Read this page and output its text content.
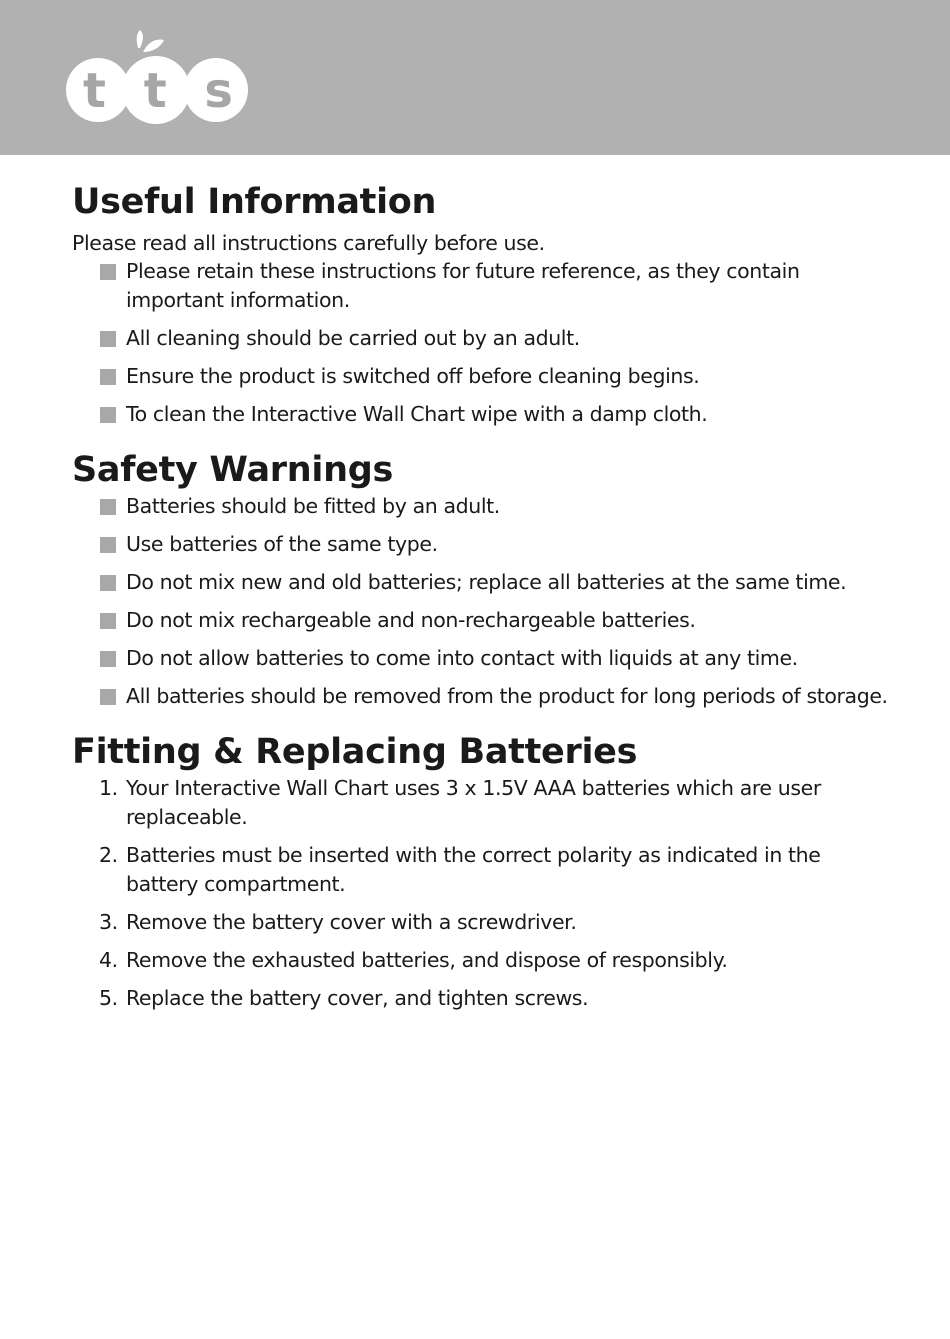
tts
Useful Information

Please read all instructions carefully before use.

Please retain these instructions for future reference, as they contain important information.
All cleaning should be carried out by an adult.
Ensure the product is switched off before cleaning begins.
To clean the Interactive Wall Chart wipe with a damp cloth.
Safety Warnings
Batteries should be fitted by an adult.
Use batteries of the same type.
Do not mix new and old batteries; replace all batteries at the same time.
Do not mix rechargeable and non-rechargeable batteries.
Do not allow batteries to come into contact with liquids at any time.
All batteries should be removed from the product for long periods of storage.
Fitting & Replacing Batteries
1. Your Interactive Wall Chart uses 3 x 1.5V AAA batteries which are user replaceable.
2. Batteries must be inserted with the correct polarity as indicated in the battery compartment.
3. Remove the battery cover with a screwdriver.
4. Remove the exhausted batteries, and dispose of responsibly.
5. Replace the battery cover, and tighten screws.
